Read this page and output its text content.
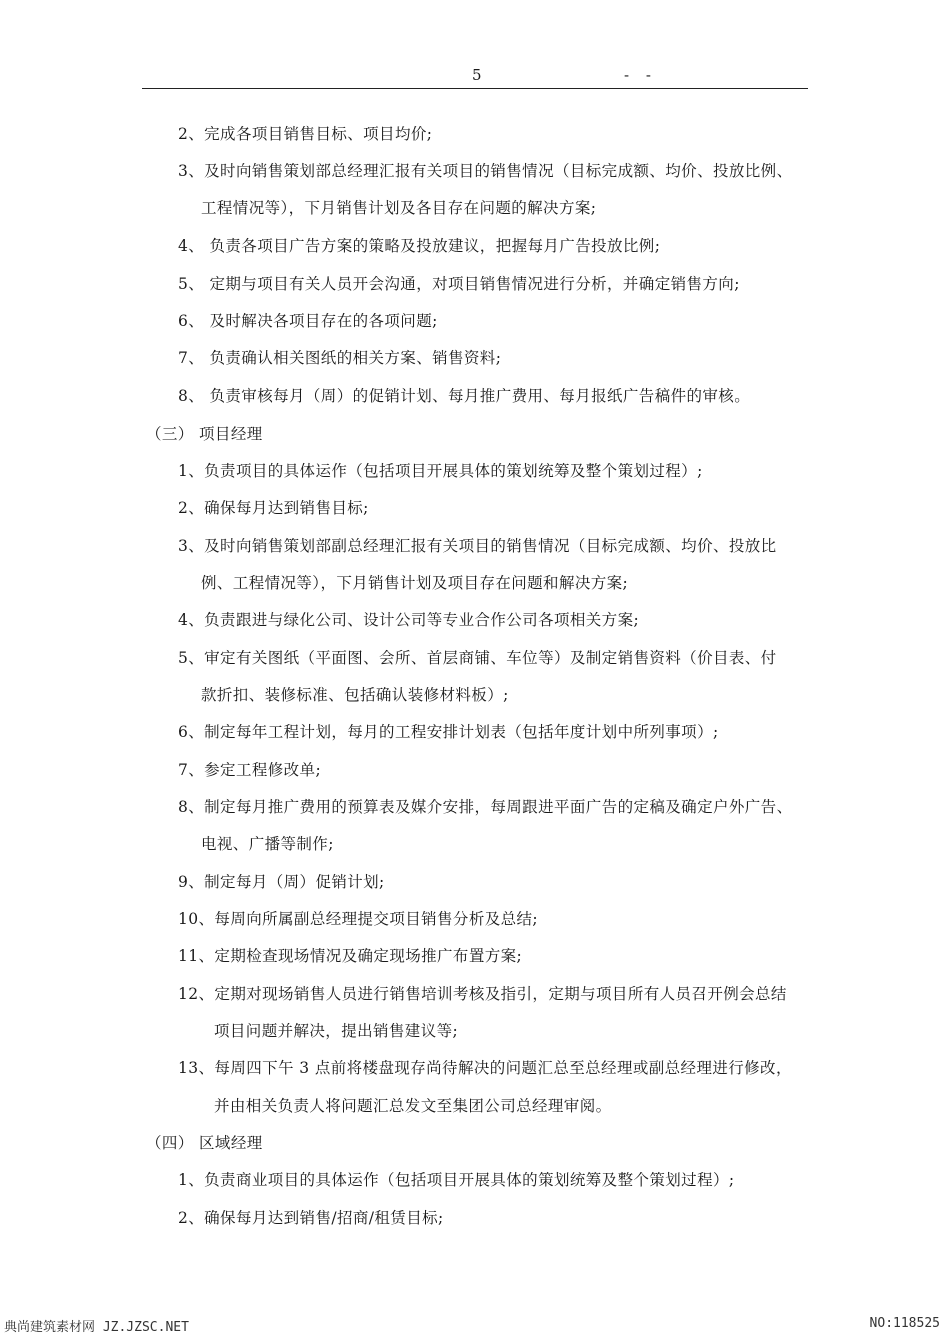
5	- -
2、完成各项目销售目标、项目均价;
3、及时向销售策划部总经理汇报有关项目的销售情况（目标完成额、均价、投放比例、
工程情况等），下月销售计划及各目存在问题的解决方案;
4、 负责各项目广告方案的策略及投放建议，把握每月广告投放比例;
5、 定期与项目有关人员开会沟通，对项目销售情况进行分析，并确定销售方向;
6、 及时解决各项目存在的各项问题;
7、 负责确认相关图纸的相关方案、销售资料;
8、 负责审核每月（周）的促销计划、每月推广费用、每月报纸广告稿件的审核。
（三） 项目经理
1、负责项目的具体运作（包括项目开展具体的策划统筹及整个策划过程）;
2、确保每月达到销售目标;
3、及时向销售策划部副总经理汇报有关项目的销售情况（目标完成额、均价、投放比
例、工程情况等），下月销售计划及项目存在问题和解决方案;
4、负责跟进与绿化公司、设计公司等专业合作公司各项相关方案;
5、审定有关图纸（平面图、会所、首层商铺、车位等）及制定销售资料（价目表、付
款折扣、装修标准、包括确认装修材料板）;
6、制定每年工程计划，每月的工程安排计划表（包括年度计划中所列事项）;
7、参定工程修改单;
8、制定每月推广费用的预算表及媒介安排，每周跟进平面广告的定稿及确定户外广告、
电视、广播等制作;
9、制定每月（周）促销计划;
10、每周向所属副总经理提交项目销售分析及总结;
11、定期检查现场情况及确定现场推广布置方案;
12、定期对现场销售人员进行销售培训考核及指引，定期与项目所有人员召开例会总结
项目问题并解决，提出销售建议等;
13、每周四下午 3 点前将楼盘现存尚待解决的问题汇总至总经理或副总经理进行修改，
并由相关负责人将问题汇总发文至集团公司总经理审阅。
（四） 区域经理
1、负责商业项目的具体运作（包括项目开展具体的策划统筹及整个策划过程）;
2、确保每月达到销售/招商/租赁目标;
典尚建筑素材网 JZ.JZSC.NET	NO:118525
